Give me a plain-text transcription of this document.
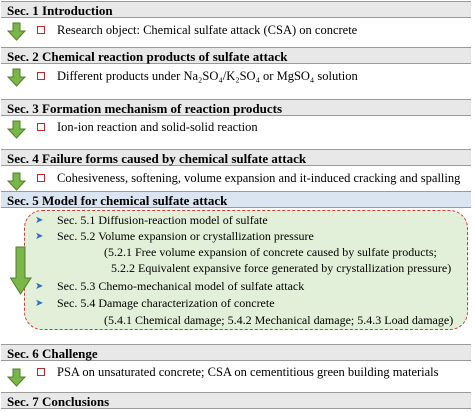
Sec. 1 Introduction
Research object: Chemical sulfate attack (CSA) on concrete
Sec. 2 Chemical reaction products of sulfate attack
Different products under Na₂SO₄/K₂SO₄ or MgSO₄ solution
Sec. 3 Formation mechanism of reaction products
Ion-ion reaction and solid-solid reaction
Sec. 4 Failure forms caused by chemical sulfate attack
Cohesiveness, softening, volume expansion and it-induced cracking and spalling
Sec. 5 Model for chemical sulfate attack
➤ Sec. 5.1 Diffusion-reaction model of sulfate
➤ Sec. 5.2 Volume expansion or crystallization pressure
(5.2.1 Free volume expansion of concrete caused by sulfate products;
5.2.2 Equivalent expansive force generated by crystallization pressure)
➤ Sec. 5.3 Chemo-mechanical model of sulfate attack
➤ Sec. 5.4 Damage characterization of concrete
(5.4.1 Chemical damage; 5.4.2 Mechanical damage; 5.4.3 Load damage)
Sec. 6 Challenge
PSA on unsaturated concrete; CSA on cementitious green building materials
Sec. 7 Conclusions
